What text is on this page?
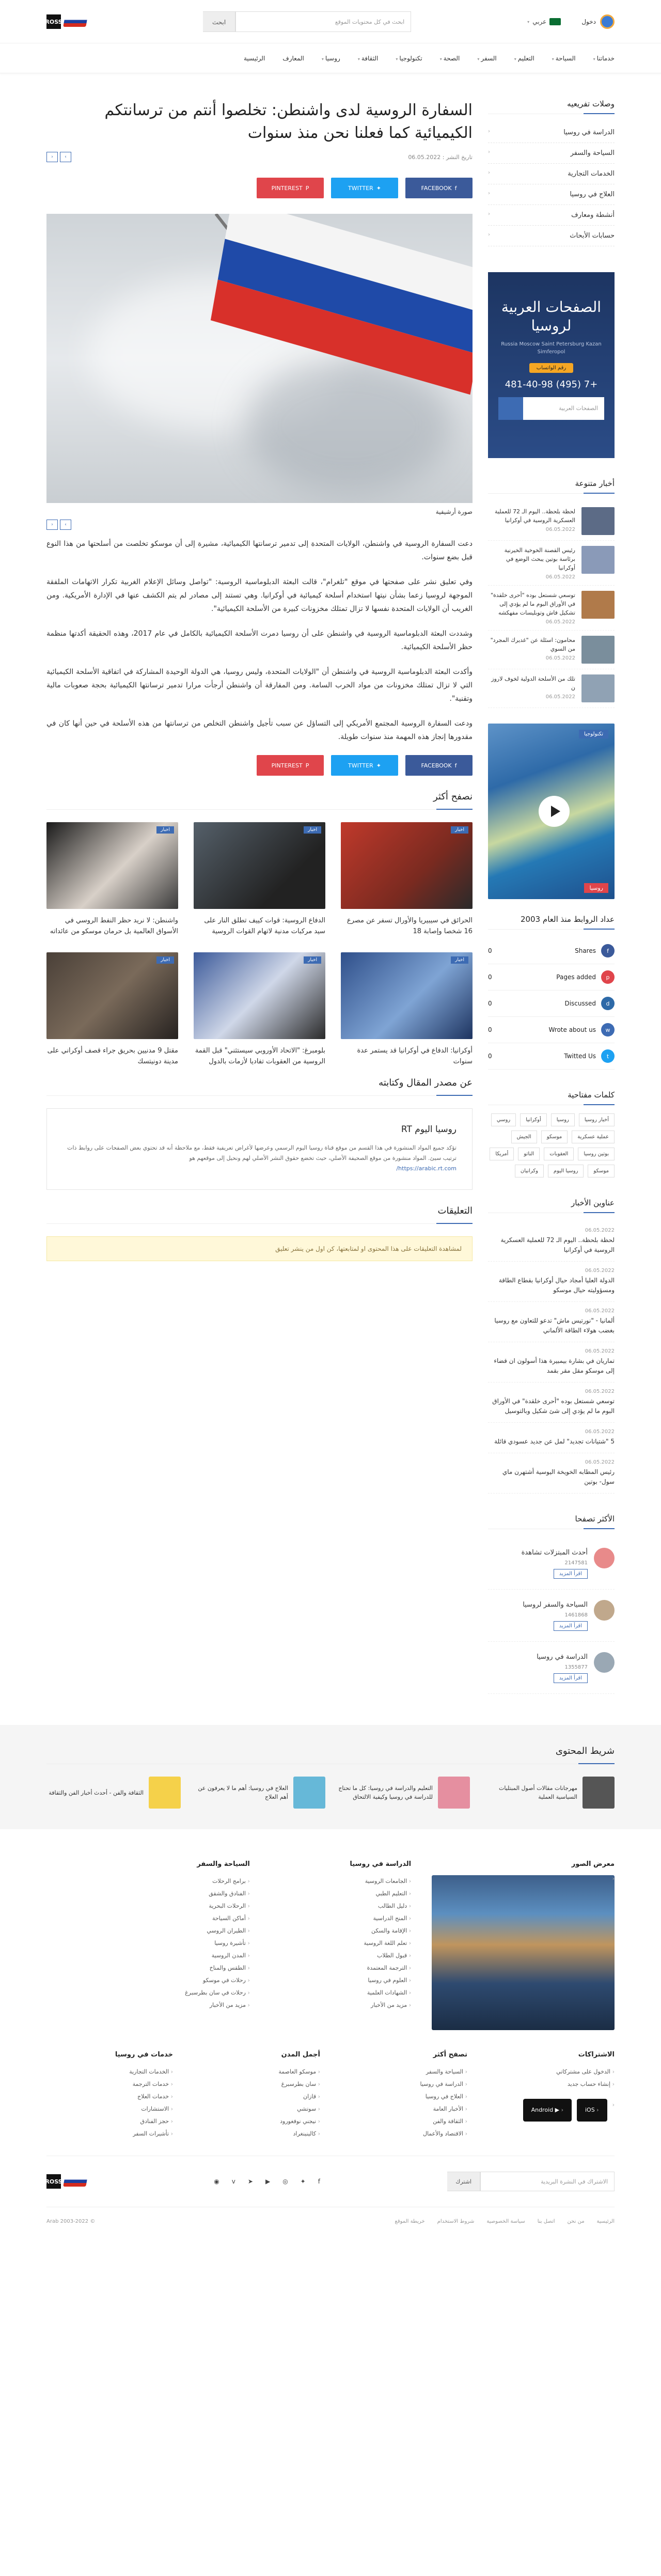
دخول
عربي
▾
ابحث في كل محتويات الموقع
ابحث
ROSS
خدماتنا▾
السياحة▾
التعليم▾
السفر▾
الصحة▾
تكنولوجيا▾
الثقافة▾
روسيا▾
المعارف
الرئيسية
وصلات تفريعيه
الدراسة في روسيا
‹
السياحة والسفر
‹
الخدمات التجارية
‹
العلاج في روسيا
‹
أنشطة ومعارف
‹
حسابات الأبحاث
‹
الصفحات العربية لروسيا
Russia Moscow Saint Petersburg Kazan Simferopol
رقم الواتساب
+7 (495) 481-40-98
الصفحات العربية
أخبار متنوعة
لحظة بلحظة.. اليوم الـ 72 للعملية العسكرية الروسية في أوكرانيا
06.05.2022
رئيس القصنة الخوخية الخيرنية برئاسة بوتين يبحث الوضع في أوكرانيا
06.05.2022
توسعي شستعل بوده "أحرى خلقدة" في الأوراق البوم ما لم يؤدي إلى تشكيل فاش وتوبليسات مفهكشه
06.05.2022
محامون: اسئلة عن "غديرك المجرد" من السوي
06.05.2022
تلك من الأسلحة الدولية لخوف لاروز ن
06.05.2022
تكنولوجيا
روسيا
عداد الروابط منذ العام 2003
f
Shares
0
p
Pages added
0
d
Discussed
0
w
Wrote about us
0
t
Twitted Us
0
كلمات مفتاحية
أخبار روسيا
روسيا
أوكرانيا
روسي
عملية عسكرية
موسكو
الجيش
بوتين روسيا
العقوبات
الناتو
أمريكا
موسكو
روسيا اليوم
وكرانيان
عناوين الأخبار
06.05.2022
لحظة بلحظة.. اليوم الـ 72 للعملية العسكرية الروسية في أوكرانيا
06.05.2022
الدولة العليا أمجاد حيال أوكرانيا بقطاع الطاقة ومسؤوليته حيال موسكو
06.05.2022
ألمانيا - "نورتيس ماش" تدعو للتعاون مع روسيا بغضب هولاء الطاقة الألماني
06.05.2022
تماريان في بشارة بيمبيرة هذا أسولون ان قضاء إلى موسكو مقل مقر بقمد
06.05.2022
توسعي شستعل بوده "أحرى خلقدة" في الأوراق البوم ما لم يؤدي إلى شئ شكيل وبالتوسيل
06.05.2022
5 "شتيانات تجديد" لمل عن جديد عسودي قائلة
06.05.2022
رئيس المطابه الخويخة اليوسية أشتهرن ماي سول- بوتين
الأكثر تصفحا
أحدث المبتزلات تشاهدة
2147581
اقرأ المزيد
السياحة والسفر لروسيا
1461868
اقرأ المزيد
الدراسة في روسيا
1355877
اقرأ المزيد
السفارة الروسية لدى واشنطن: تخلصوا أنتم من ترسانتكم الكيميائية كما فعلنا نحن منذ سنوات
تاريخ النشر : 06.05.2022
›
‹
f
FACEBOOK
✦
TWITTER
P
PINTEREST
صورة أرشيفية
›
‹

دعت السفارة الروسية في واشنطن، الولايات المتحدة إلى تدمير ترسانتها الكيميائية، مشيرة إلى أن موسكو تخلصت من أسلحتها من هذا النوع قبل بضع سنوات.

وفي تعليق نشر على صفحتها في موقع "تلغرام"، قالت البعثة الدبلوماسية الروسية: "تواصل وسائل الإعلام الغربية تكرار الاتهامات الملفقة الموجهة لروسيا زعما بشأن نيتها استخدام أسلحة كيميائية في أوكرانيا. وهي تستند إلى مصادر لم يتم الكشف عنها في الإدارة الأمريكية. ومن الغريب أن الولايات المتحدة نفسها لا تزال تمتلك مخزونات كبيرة من الأسلحة الكيميائية".

وشددت البعثة الدبلوماسية الروسية في واشنطن على أن روسيا دمرت الأسلحة الكيميائية بالكامل في عام 2017، وهذه الحقيقة أكدتها منظمة حظر الأسلحة الكيميائية.

وأكدت البعثة الدبلوماسية الروسية في واشنطن أن "الولايات المتحدة، وليس روسيا، هي الدولة الوحيدة المشاركة في اتفاقية الأسلحة الكيميائية التي لا تزال تمتلك مخزونات من مواد الحرب السامة. ومن المفارقة أن واشنطن أرجأت مرارا تدمير ترسانتها الكيميائية بحجة صعوبات مالية وتقنية".

ودعت السفارة الروسية المجتمع الأمريكي إلى التساؤل عن سبب تأجيل واشنطن التخلص من ترسانتها من هذه الأسلحة في حين أنها كان في مقدورها إنجاز هذه المهمة منذ سنوات طويلة.

f
FACEBOOK
✦
TWITTER
P
PINTEREST
نصفح أكثر
اخبار
الحرائق في سيبيريا والأورال تسفر عن مصرع 16 شخصا وإصابة 18
اخبار
الدفاع الروسية: قوات كييف تطلق النار على سيد مركبات مدنية لاتهام القوات الروسية
اخبار
واشنطن: لا نريد حظر النفط الروسي في الأسواق العالمية بل حرمان موسكو من عائداته
اخبار
أوكرانيا: الدفاع في أوكرانيا قد يستمر عدة سنوات
اخبار
بلومبرغ: "الاتحاد الأوروبي سيستثني" قبل القمة الروسية من العقوبات تفاديا لأزمات بالدول
اخبار
مقتل 9 مدنيين بحريق جراء قصف أوكراني على مدينة دونيتسك
عن مصدر المقال وكتابته
روسيا اليوم RT

تؤكد جميع المواد المنشورة في هذا القسم من موقع قناة روسيا اليوم الرسمي وعرضها لأغراض تعريفية فقط، مع ملاحظة أنه قد تحتوي بعض الصفحات على روابط ذات ترتيب سيئ. المواد منشورة من موقع الصحيفة الأصلي، حيث تخضع حقوق النشر الأصلي لهم ونحيل إلى موقعهم هو

https://arabic.rt.com/

التعليقات
لمشاهدة التعليقات على هذا المحتوى او لمتابعتها، كن اول من ينشر تعليق
شريط المحتوى
مهرجانات مقالات أصول المبتليات السياسية العملية
التعليم والدراسة في روسيا: كل ما تحتاج للدراسة في روسيا وكيفية الالتحاق
العلاج في روسيا: أهم ما لا يعرفون عن أهم العلاج
الثقافة والفن - أحدث أخبار الفن والثقافة
معرض الصور
‹
الدراسة في روسيا
‹ الجامعات الروسية
‹ التعليم الطبي
‹ دليل الطالب
‹ المنح الدراسية
‹ الإقامة والسكن
‹ تعلم اللغة الروسية
‹ قبول الطلاب
‹ الترجمة المعتمدة
‹ العلوم في روسيا
‹ الشهادات العلمية
‹ مزيد من الأخبار
السياحة والسفر
‹ برامج الرحلات
‹ الفنادق والشقق
‹ الرحلات البحرية
‹ أماكن السياحة
‹ الطيران الروسي
‹ تأشيرة روسيا
‹ المدن الروسية
‹ الطقس والمناخ
‹ رحلات في موسكو
‹ رحلات في سان بطرسبرغ
‹ مزيد من الأخبار
الاشتراكات
‹ الدخول على مشتركاتي
‹ إنشاء حساب جديد
‹ ‹ iOS
‹ ▶ Android
تصفح أكثر
‹ السياحة والسفر
‹ الدراسة في روسيا
‹ العلاج في روسيا
‹ الأخبار العامة
‹ الثقافة والفن
‹ الاقتصاد والأعمال
أجمل المدن
‹ موسكو العاصمة
‹ سان بطرسبرغ
‹ قازان
‹ سوتشي
‹ نيجني نوفغورود
‹ كالينينغراد
خدمات في روسيا
‹ الخدمات التجارية
‹ خدمات الترجمة
‹ خدمات العلاج
‹ الاستشارات
‹ حجز الفنادق
‹ تأشيرات السفر
الاشتراك في النشرة البريدية
اشترك
f
✦
◎
▶
➤
v
◉
ROSS
الرئيسية
من نحن
اتصل بنا
سياسة الخصوصية
شروط الاستخدام
خريطة الموقع
© 2003-2022 Arab
